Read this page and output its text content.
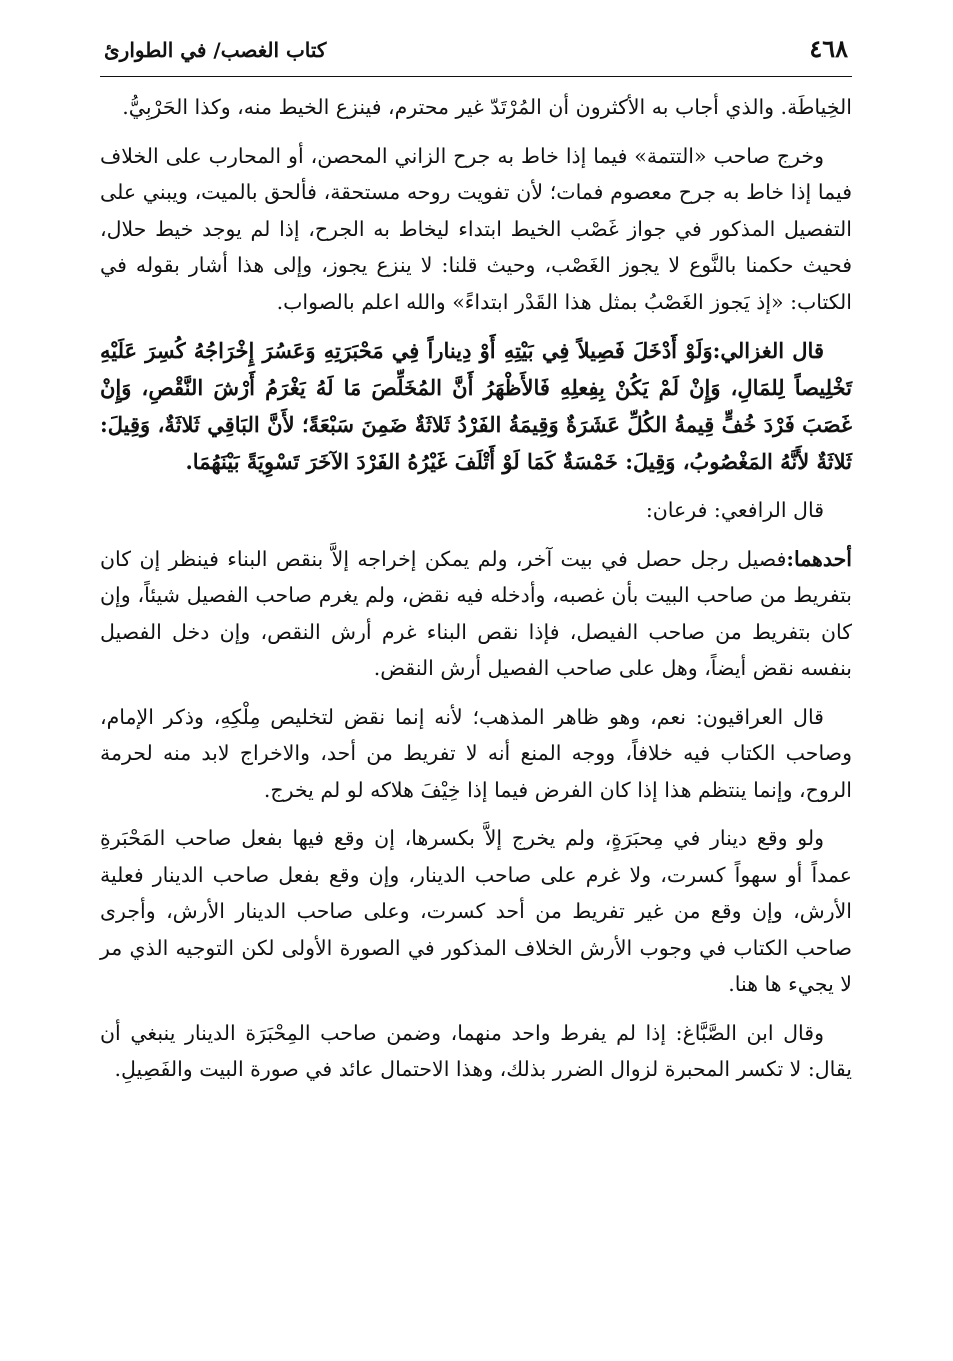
٤٦٨
كتاب الغصب/ في الطوارئ

الخِياطَة. والذي أجاب به الأكثرون أن المُرْتَدّ غير محترم، فينزع الخيط منه، وكذا الحَرْبِيُّ.

وخرج صاحب «التتمة» فيما إذا خاط به جرح الزاني المحصن، أو المحارب على الخلاف فيما إذا خاط به جرح معصوم فمات؛ لأن تفويت روحه مستحقة، فألحق بالميت، ويبني على التفصيل المذكور في جواز غَصْب الخيط ابتداء ليخاط به الجرح، إذا لم يوجد خيط حلال، فحيث حكمنا بالنَّوع لا يجوز الغَصْب، وحيث قلنا: لا ينزع يجوز، وإلى هذا أشار بقوله في الكتاب: «إذ يَجوز الغَصْبُ بمثل هذا القَدْر ابتداءً» والله اعلم بالصواب.

قال الغزالي:وَلَوْ أَدْخَلَ فَصِيلاً فِي بَيْتِهِ أَوْ دِيناراً فِي مَحْبَرَتِهِ وَعَسُرَ إِخْرَاجُهُ كُسِرَ عَلَيْهِ تَخْلِيصاً لِلمَالِ، وَإِنْ لَمْ يَكُنْ بِفِعلِهِ فَالأَظْهَرُ أَنَّ المُخَلِّصَ مَا لَهُ يَغْرَمُ أَرْشَ النَّقْصِ، وَإِنْ غَصَبَ فَرْدَ خُفٍّ قِيمةُ الكُلِّ عَشَرَةٌ وَقِيمَةُ الفَرْدُ ثَلاثَةٌ ضَمِنَ سَبْعَةً؛ لأَنَّ البَاقِي ثَلاثَةٌ، وَقِيلَ: ثَلاثَةٌ لأَنَّهُ المَغْصُوبُ، وَقِيلَ: خَمْسَةٌ كَمَا لَوْ أَتْلَفَ غَيْرُهُ الفَرْدَ الآخَرَ تَسْوِيَةً بَيْنَهُمَا.

قال الرافعي: فرعان:

أحدهما:فصيل رجل حصل في بيت آخر، ولم يمكن إخراجه إلاَّ بنقص البناء فينظر إن كان بتفريط من صاحب البيت بأن غصبه، وأدخله فيه نقض، ولم يغرم صاحب الفصيل شيئاً، وإن كان بتفريط من صاحب الفيصل، فإذا نقص البناء غرم أرش النقص، وإن دخل الفصيل بنفسه نقض أيضاً، وهل على صاحب الفصيل أرش النقض.

قال العراقيون: نعم، وهو ظاهر المذهب؛ لأنه إنما نقض لتخليص مِلْكِهِ، وذكر الإمام، وصاحب الكتاب فيه خلافاً، ووجه المنع أنه لا تفريط من أحد، والاخراج لابد منه لحرمة الروح، وإنما ينتظم هذا إذا كان الفرض فيما إذا خِيْفَ هلاكه لو لم يخرج.

ولو وقع دينار في مِحبَرَةٍ، ولم يخرج إلاَّ بكسرها، إن وقع فيها بفعل صاحب المَحْبَرةِ عمداً أو سهواً كسرت، ولا غرم على صاحب الدينار، وإن وقع بفعل صاحب الدينار فعلية الأرش، وإن وقع من غير تفريط من أحد كسرت، وعلى صاحب الدينار الأرش، وأجرى صاحب الكتاب في وجوب الأرش الخلاف المذكور في الصورة الأولى لكن التوجيه الذي مر لا يجيء ها هنا.

وقال ابن الصَّبَّاغ: إذا لم يفرط واحد منهما، وضمن صاحب المِحْبَرَة الدينار ينبغي أن يقال: لا تكسر المحبرة لزوال الضرر بذلك، وهذا الاحتمال عائد في صورة البيت والفَصِيلِ.
